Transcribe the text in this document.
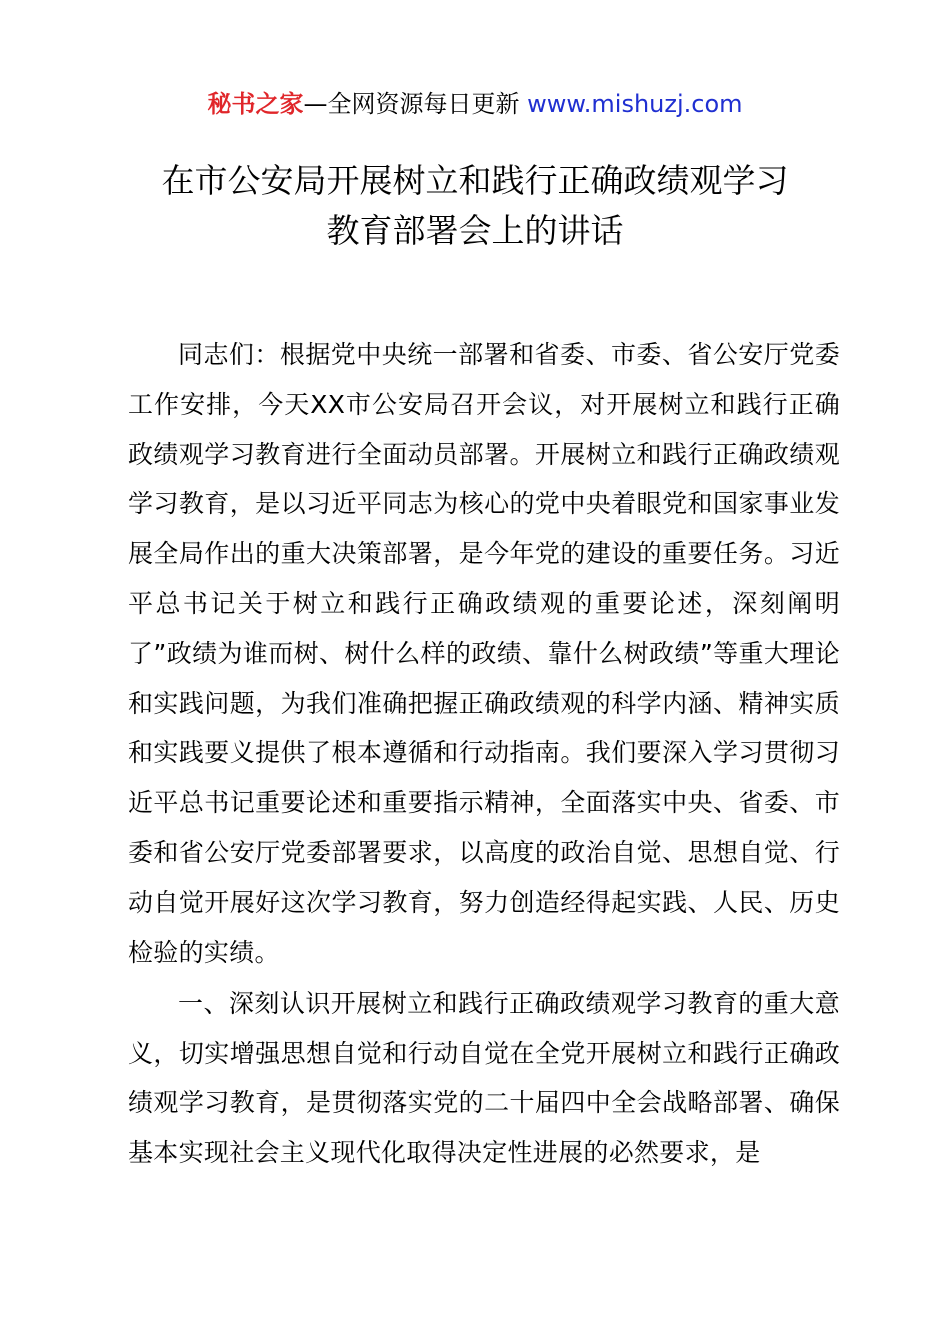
秘书之家—全网资源每日更新 www.mishuzj.com
在市公安局开展树立和践行正确政绩观学习
教育部署会上的讲话

同志们：根据党中央统一部署和省委、市委、省公安厅党委工作安排，今天XX市公安局召开会议，对开展树立和践行正确政绩观学习教育进行全面动员部署。开展树立和践行正确政绩观学习教育，是以习近平同志为核心的党中央着眼党和国家事业发展全局作出的重大决策部署，是今年党的建设的重要任务。习近平总书记关于树立和践行正确政绩观的重要论述，深刻阐明了”政绩为谁而树、树什么样的政绩、靠什么树政绩”等重大理论和实践问题，为我们准确把握正确政绩观的科学内涵、精神实质和实践要义提供了根本遵循和行动指南。我们要深入学习贯彻习近平总书记重要论述和重要指示精神，全面落实中央、省委、市委和省公安厅党委部署要求，以高度的政治自觉、思想自觉、行动自觉开展好这次学习教育，努力创造经得起实践、人民、历史检验的实绩。

一、深刻认识开展树立和践行正确政绩观学习教育的重大意义，切实增强思想自觉和行动自觉在全党开展树立和践行正确政绩观学习教育，是贯彻落实党的二十届四中全会战略部署、确保基本实现社会主义现代化取得决定性进展的必然要求，是
